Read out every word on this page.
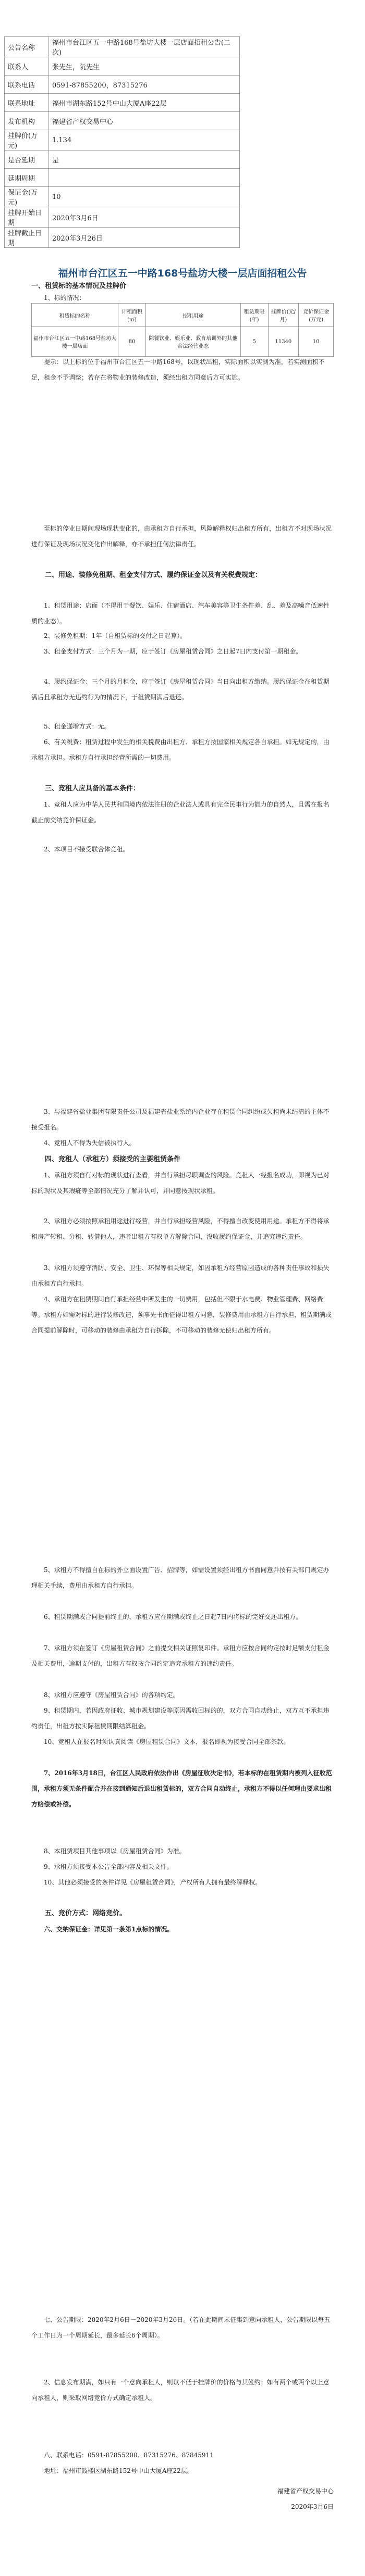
公告名称	福州市台江区五一中路168号盐坊大楼一层店面招租公告(二次)
联系人	张先生，阮先生
联系电话	0591-87855200，87315276
联系地址	福州市湖东路152号中山大厦A座22层
发布机构	福建省产权交易中心
挂牌价(万元)	1.134
是否延期	是
延期周期	
保证金(万元)	10
挂牌开始日期	2020年3月6日
挂牌截止日期	2020年3月26日
福州市台江区五一中路168号盐坊大楼一层店面招租公告
一、租赁标的基本情况及挂牌价
1、标的情况：
租赁标的名称	计租面积(㎡)	招租用途	租赁期限(年)	挂牌价(元/月)	竞价保证金(万元)
福州市台江区五一中路168号盐坊大楼一层店面	80	除餐饮业、娱乐业、教育培训外的其他合法经营业态	5	11340	10
提示：以上标的位于福州市台江区五一中路168号，以现状出租，实际面积以实测为准，若实测面积不足，租金不予调整；若存在将物业的装修改造，须经出租方同意后方可实施。
至标的停业日期间现场现状变化的，由承租方自行承担，风险解释权归出租方所有，出租方不对现场状况进行保证及现场状况变化作出解释，亦不承担任何法律责任。
二、用途、装修免租期、租金支付方式、履约保证金以及有关税费规定：
1、租赁用途：店面（不得用于餐饮、娱乐、住宿酒店、汽车美容等卫生条件差、乱、差及高噪音低速性质的业态）。
2、装修免租期：1年（自租赁标的交付之日起算）。
3、租金支付方式：三个月为一期，应于签订《房屋租赁合同》之日起7日内支付第一期租金。
4、履约保证金：三个月的月租金，应于签订《房屋租赁合同》当日向出租方缴纳。履约保证金在租赁期满后且承租方无违约行为的情况下，于租赁期满后退还。
5、租金递增方式：无。
6、有关税费：租赁过程中发生的相关税费由出租方、承租方按国家相关规定各自承担。如无规定的，由承租方承担。承租方自行承担经营所需的一切费用。
三、竞租人应具备的基本条件：
1、竞租人应为中华人民共和国境内依法注册的企业法人或具有完全民事行为能力的自然人，且需在报名截止前交纳竞价保证金。
2、本项目不接受联合体竞租。
3、与福建省盐业集团有限责任公司及福建省盐业系统内企业存在租赁合同纠纷或欠租尚未结清的主体不接受报名。
4、竞租人不得为失信被执行人。
四、竞租人（承租方）须接受的主要租赁条件
1、承租方须自行对标的现状进行查看，并自行承担尽职调查的风险。竞租人一经报名成功，即视为已对标的现状及其瑕疵等全部情况充分了解并认可，并同意按现状承租。
2、承租方必须按照承租用途进行经营，并自行承担经营风险，不得擅自改变使用用途。承租方不得将承租房产转租、分租、转借他人，违者出租方有权单方解除合同，没收履约保证金，并追究违约责任。
3、承租方须遵守消防、安全、卫生、环保等相关规定，如因承租方经营原因造成的各种责任事故和损失由承租方自行承担。
4、承租方在租赁期间自行承担经营中所发生的一切费用，包括但不限于水电费、物业管理费、网络费等。承租方如需对标的进行装修改造，须事先书面征得出租方同意，装修费用由承租方自行承担，租赁期满或合同提前解除时，可移动的装修由承租方自行拆除，不可移动的装修无偿归出租方所有。
5、承租方不得擅自在标的外立面设置广告、招牌等，如需设置须经出租方书面同意并按有关部门规定办理相关手续，费用由承租方自行承担。
6、租赁期满或合同提前终止的，承租方应在期满或终止之日起7日内将标的完好交还出租方。
7、承租方须在签订《房屋租赁合同》之前提交相关证照复印件。承租方应按合同约定按时足额支付租金及相关费用，逾期支付的，出租方有权按合同约定追究承租方的违约责任。
8、承租方应遵守《房屋租赁合同》的各项约定。
9、租赁期内，若因政府征收、城市规划建设等原因需收回标的的，双方合同自动终止，双方互不承担违约责任，出租方按实际租赁期限结算租金。
10、竞租人在报名时须认真阅读《房屋租赁合同》文本，报名即视为接受合同全部条款。
7、2016年3月18日，台江区人民政府依法作出《房屋征收决定书》，若本标的在租赁期内被列入征收范围，承租方须无条件配合并在接到通知后退出租赁标的，双方合同自动终止，承租方不得以任何理由要求出租方赔偿或补偿。
8、本租赁项目其他事项以《房屋租赁合同》为准。
9、承租方须接受本公告全部内容及相关文件。
10、其他必须接受的条件详见《房屋租赁合同》，产权所有人拥有最终解释权。
五、竞价方式：网络竞价。
六、交纳保证金：详见第一条第1点标的情况。
七、公告期限：2020年2月6日－2020年3月26日。（若在此期间未征集到意向承租人，公告期限以每五个工作日为一个周期延长，最多延长6个周期）。
2、信息发布期满，如只有一个意向承租人，则以不低于挂牌价的价格与其签约；如有两个或两个以上意向承租人，则采取网络竞价方式确定承租人。
八、联系电话：0591-87855200、87315276、87845911
地址：福州市鼓楼区湖东路152号中山大厦A座22层。
福建省产权交易中心
2020年3月6日
